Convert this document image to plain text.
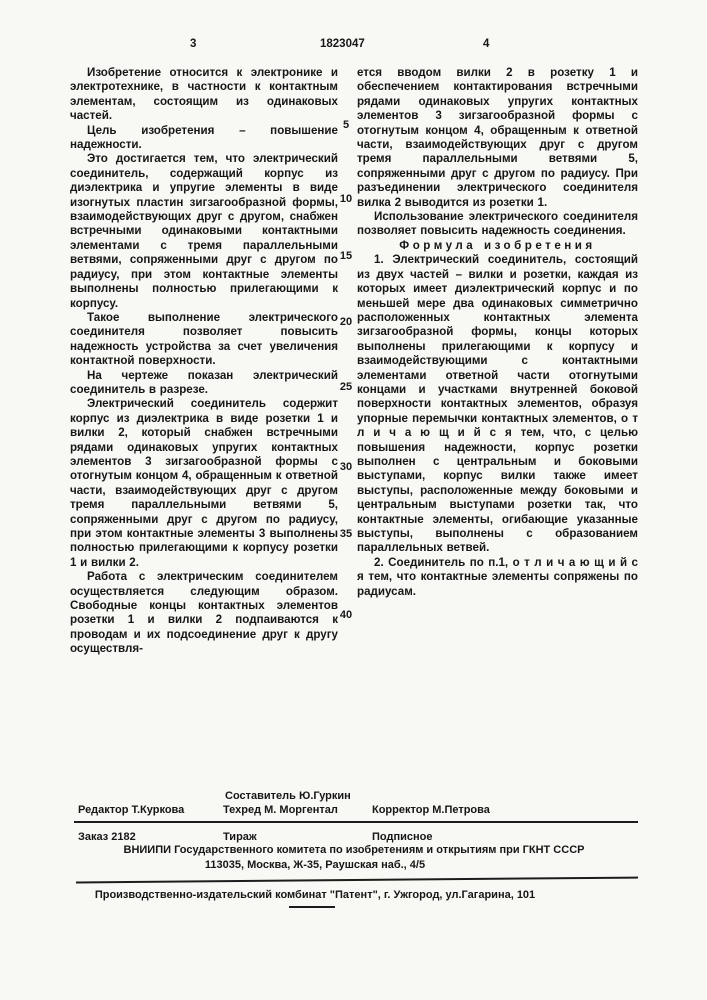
3	1823047	4

Изобретение относится к электронике и электротехнике, в частности к контактным элементам, состоящим из одинаковых частей.

Цель изобретения – повышение надежности.

Это достигается тем, что электрический соединитель, содержащий корпус из диэлектрика и упругие элементы в виде изогнутых пластин зигзагообразной формы, взаимодействующих друг с другом, снабжен встречными одинаковыми контактными элементами с тремя параллельными ветвями, сопряженными друг с другом по радиусу, при этом контактные элементы выполнены полностью прилегающими к корпусу.

Такое выполнение электрического соединителя позволяет повысить надежность устройства за счет увеличения контактной поверхности.

На чертеже показан электрический соединитель в разрезе.

Электрический соединитель содержит корпус из диэлектрика в виде розетки 1 и вилки 2, который снабжен встречными рядами одинаковых упругих контактных элементов 3 зигзагообразной формы с отогнутым концом 4, обращенным к ответной части, взаимодействующих друг с другом тремя параллельными ветвями 5, сопряженными друг с другом по радиусу, при этом контактные элементы 3 выполнены полностью прилегающими к корпусу розетки 1 и вилки 2.

Работа с электрическим соединителем осуществляется следующим образом. Свободные концы контактных элементов розетки 1 и вилки 2 подпаиваются к проводам и их подсоединение друг к другу осуществля-

5
10
15
20
25
30
35
40

ется вводом вилки 2 в розетку 1 и обеспечением контактирования встречными рядами одинаковых упругих контактных элементов 3 зигзагообразной формы с отогнутым концом 4, обращенным к ответной части, взаимодействующих друг с другом тремя параллельными ветвями 5, сопряженными друг с другом по радиусу. При разъединении электрического соединителя вилка 2 выводится из розетки 1.

Использование электрического соединителя позволяет повысить надежность соединения.

Формула изобретения

1. Электрический соединитель, состоящий из двух частей – вилки и розетки, каждая из которых имеет диэлектрический корпус и по меньшей мере два одинаковых симметрично расположенных контактных элемента зигзагообразной формы, концы которых выполнены прилегающими к корпусу и взаимодействующими с контактными элементами ответной части отогнутыми концами и участками внутренней боковой поверхности контактных элементов, образуя упорные перемычки контактных элементов, о т л и ч а ю щ и й с я тем, что, с целью повышения надежности, корпус розетки выполнен с центральным и боковыми выступами, корпус вилки также имеет выступы, расположенные между боковыми и центральным выступами розетки так, что контактные элементы, огибающие указанные выступы, выполнены с образованием параллельных ветвей.

2. Соединитель по п.1, о т л и ч а ю щ и й с я тем, что контактные элементы сопряжены по радиусам.

Составитель Ю.Гуркин
Редактор Т.Куркова	Техред М. Моргентал	Корректор М.Петрова
Заказ 2182	Тираж	Подписное
ВНИИПИ Государственного комитета по изобретениям и открытиям при ГКНТ СССР
113035, Москва, Ж-35, Раушская наб., 4/5
Производственно-издательский комбинат "Патент", г. Ужгород, ул.Гагарина, 101
